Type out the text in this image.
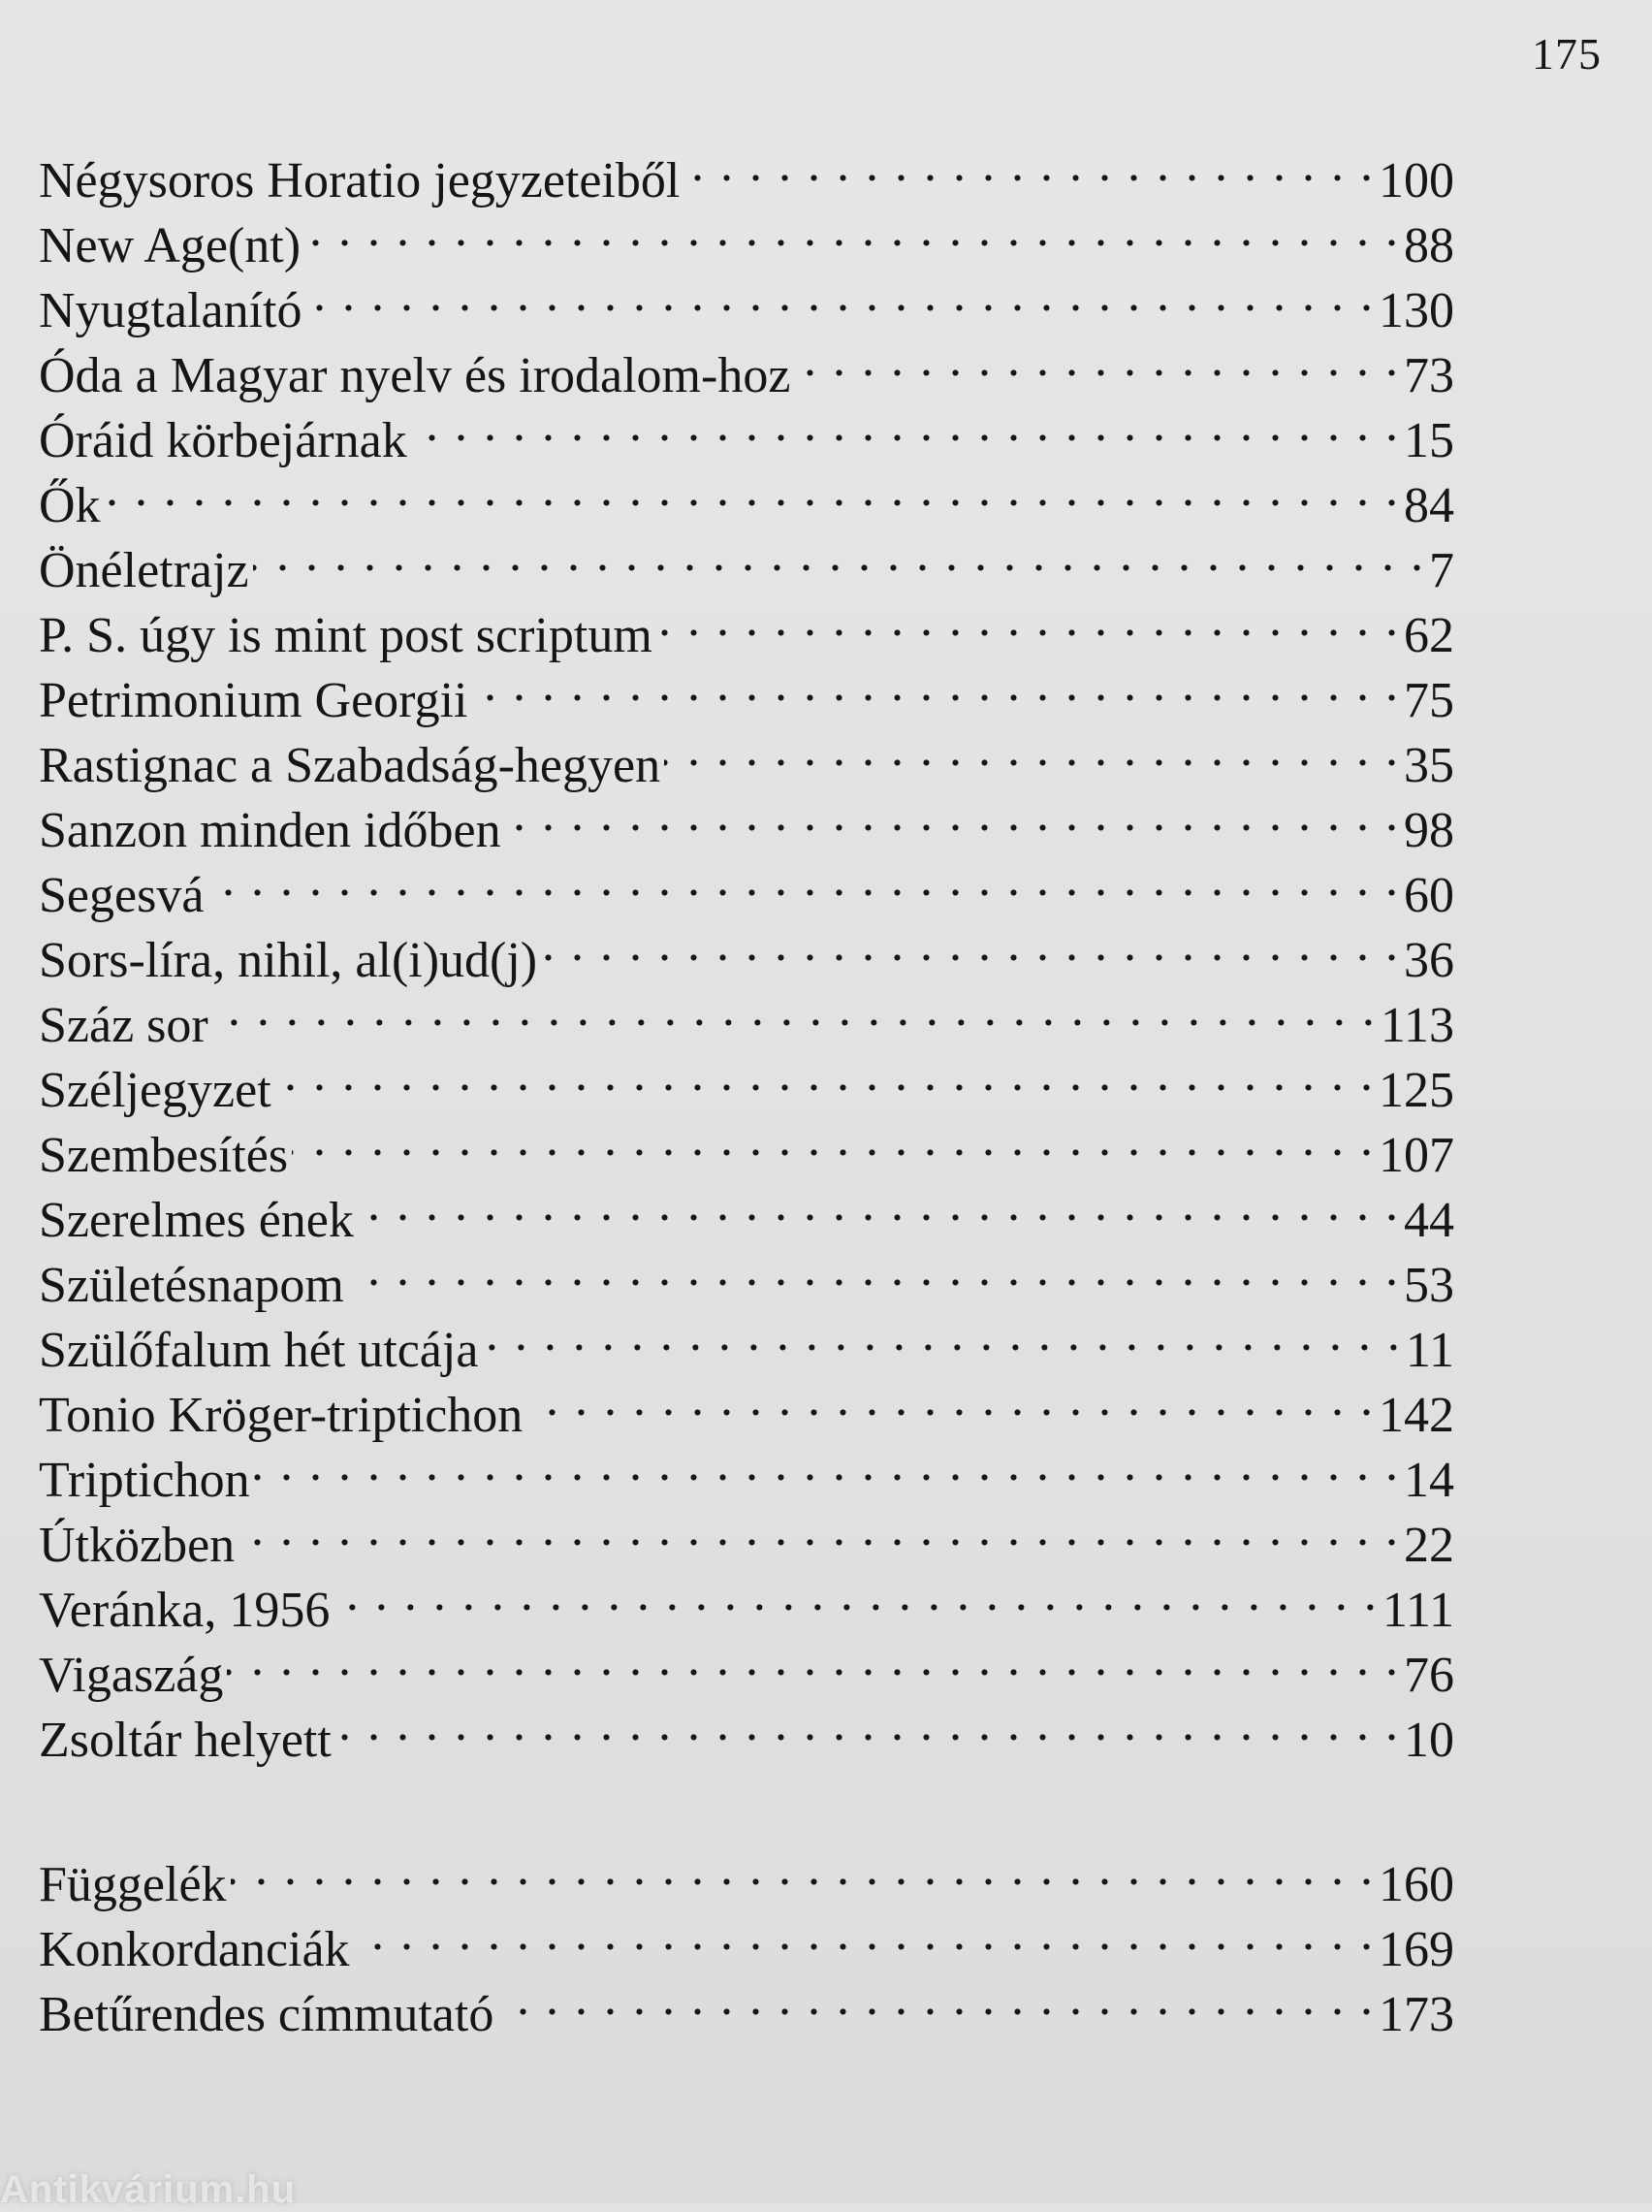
175
Négysoros Horatio jegyzeteiből . . .	100
New Age(nt) . . .	88
Nyugtalanító . . .	130
Óda a Magyar nyelv és irodalom-hoz . . .	73
Óráid körbejárnak . . .	15
Ők . . .	84
Önéletrajz . . .	7
P. S. úgy is mint post scriptum . . .	62
Petrimonium Georgii . . .	75
Rastignac a Szabadság-hegyen . . .	35
Sanzon minden időben . . .	98
Segesvá . . .	60
Sors-líra, nihil, al(i)ud(j) . . .	36
Száz sor . . .	113
Széljegyzet . . .	125
Szembesítés . . .	107
Szerelmes ének . . .	44
Születésnapom . . .	53
Szülőfalum hét utcája . . .	11
Tonio Kröger-triptichon . . .	142
Triptichon . . .	14
Útközben . . .	22
Veránka, 1956 . . .	111
Vigaszág . . .	76
Zsoltár helyett . . .	10
Függelék . . .	160
Konkordanciák . . .	169
Betűrendes címmutató . . .	173
Antikvárium.hu
